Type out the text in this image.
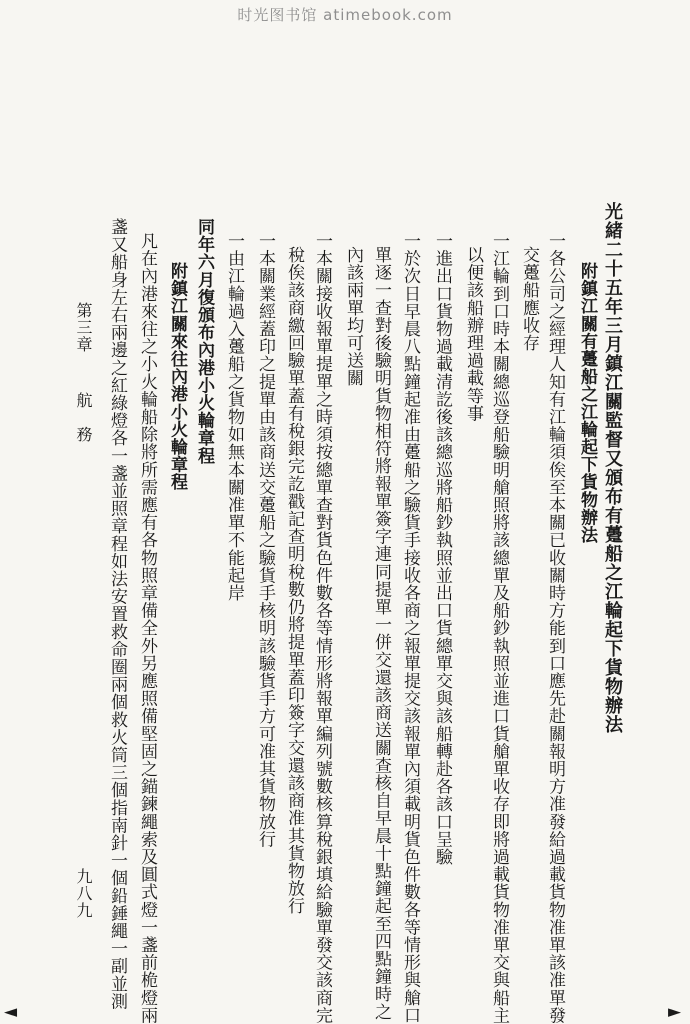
时光图书馆 atimebook.com
光緒二十五年三月鎮江關監督又頒布有躉船之江輪起下貨物辦法
附鎮江關有躉船之江輪起下貨物辦法
一各公司之經理人知有江輪須俟至本關已收關時方能到口應先赴關報明方准發給過載貨物准單該准單發
交躉船應收存
一江輪到口時本關總巡登船驗明艙照將該總單及船鈔執照並進口貨艙單收存即將過載貨物准單交與船主
以便該船辦理過載等事
一進出口貨物過載清訖後該總巡將船鈔執照並出口貨總單交與該船轉赴各該口呈驗
一於次日早晨八點鐘起准由躉船之驗貨手接收各商之報單提交該報單內須載明貨色件數各等情形與艙口
單逐一查對後驗明貨物相符將報單簽字連同提單一併交還該商送關查核自早晨十點鐘起至四點鐘時之
內該兩單均可送關
一本關接收報單提單之時須按總單查對貨色件數各等情形將報單編列號數核算稅銀填給驗單發交該商完
稅俟該商繳回驗單蓋有稅銀完訖戳記查明稅數仍將提單蓋印簽字交還該商准其貨物放行
一本關業經蓋印之提單由該商送交躉船之驗貨手核明該驗貨手方可准其貨物放行
一由江輪過入躉船之貨物如無本關准單不能起岸
同年六月復頒布內港小火輪章程
附鎮江關來往內港小火輪章程
凡在內港來往之小火輪船除將所需應有各物照章備全外另應照備堅固之錨鍊繩索及圓式燈一盞前桅燈兩
盞又船身左右兩邊之紅綠燈各一盞並照章程如法安置救命圈兩個救火筒三個指南針一個鉛錘繩一副並測
第三章
航　務
九八九
◄	►
